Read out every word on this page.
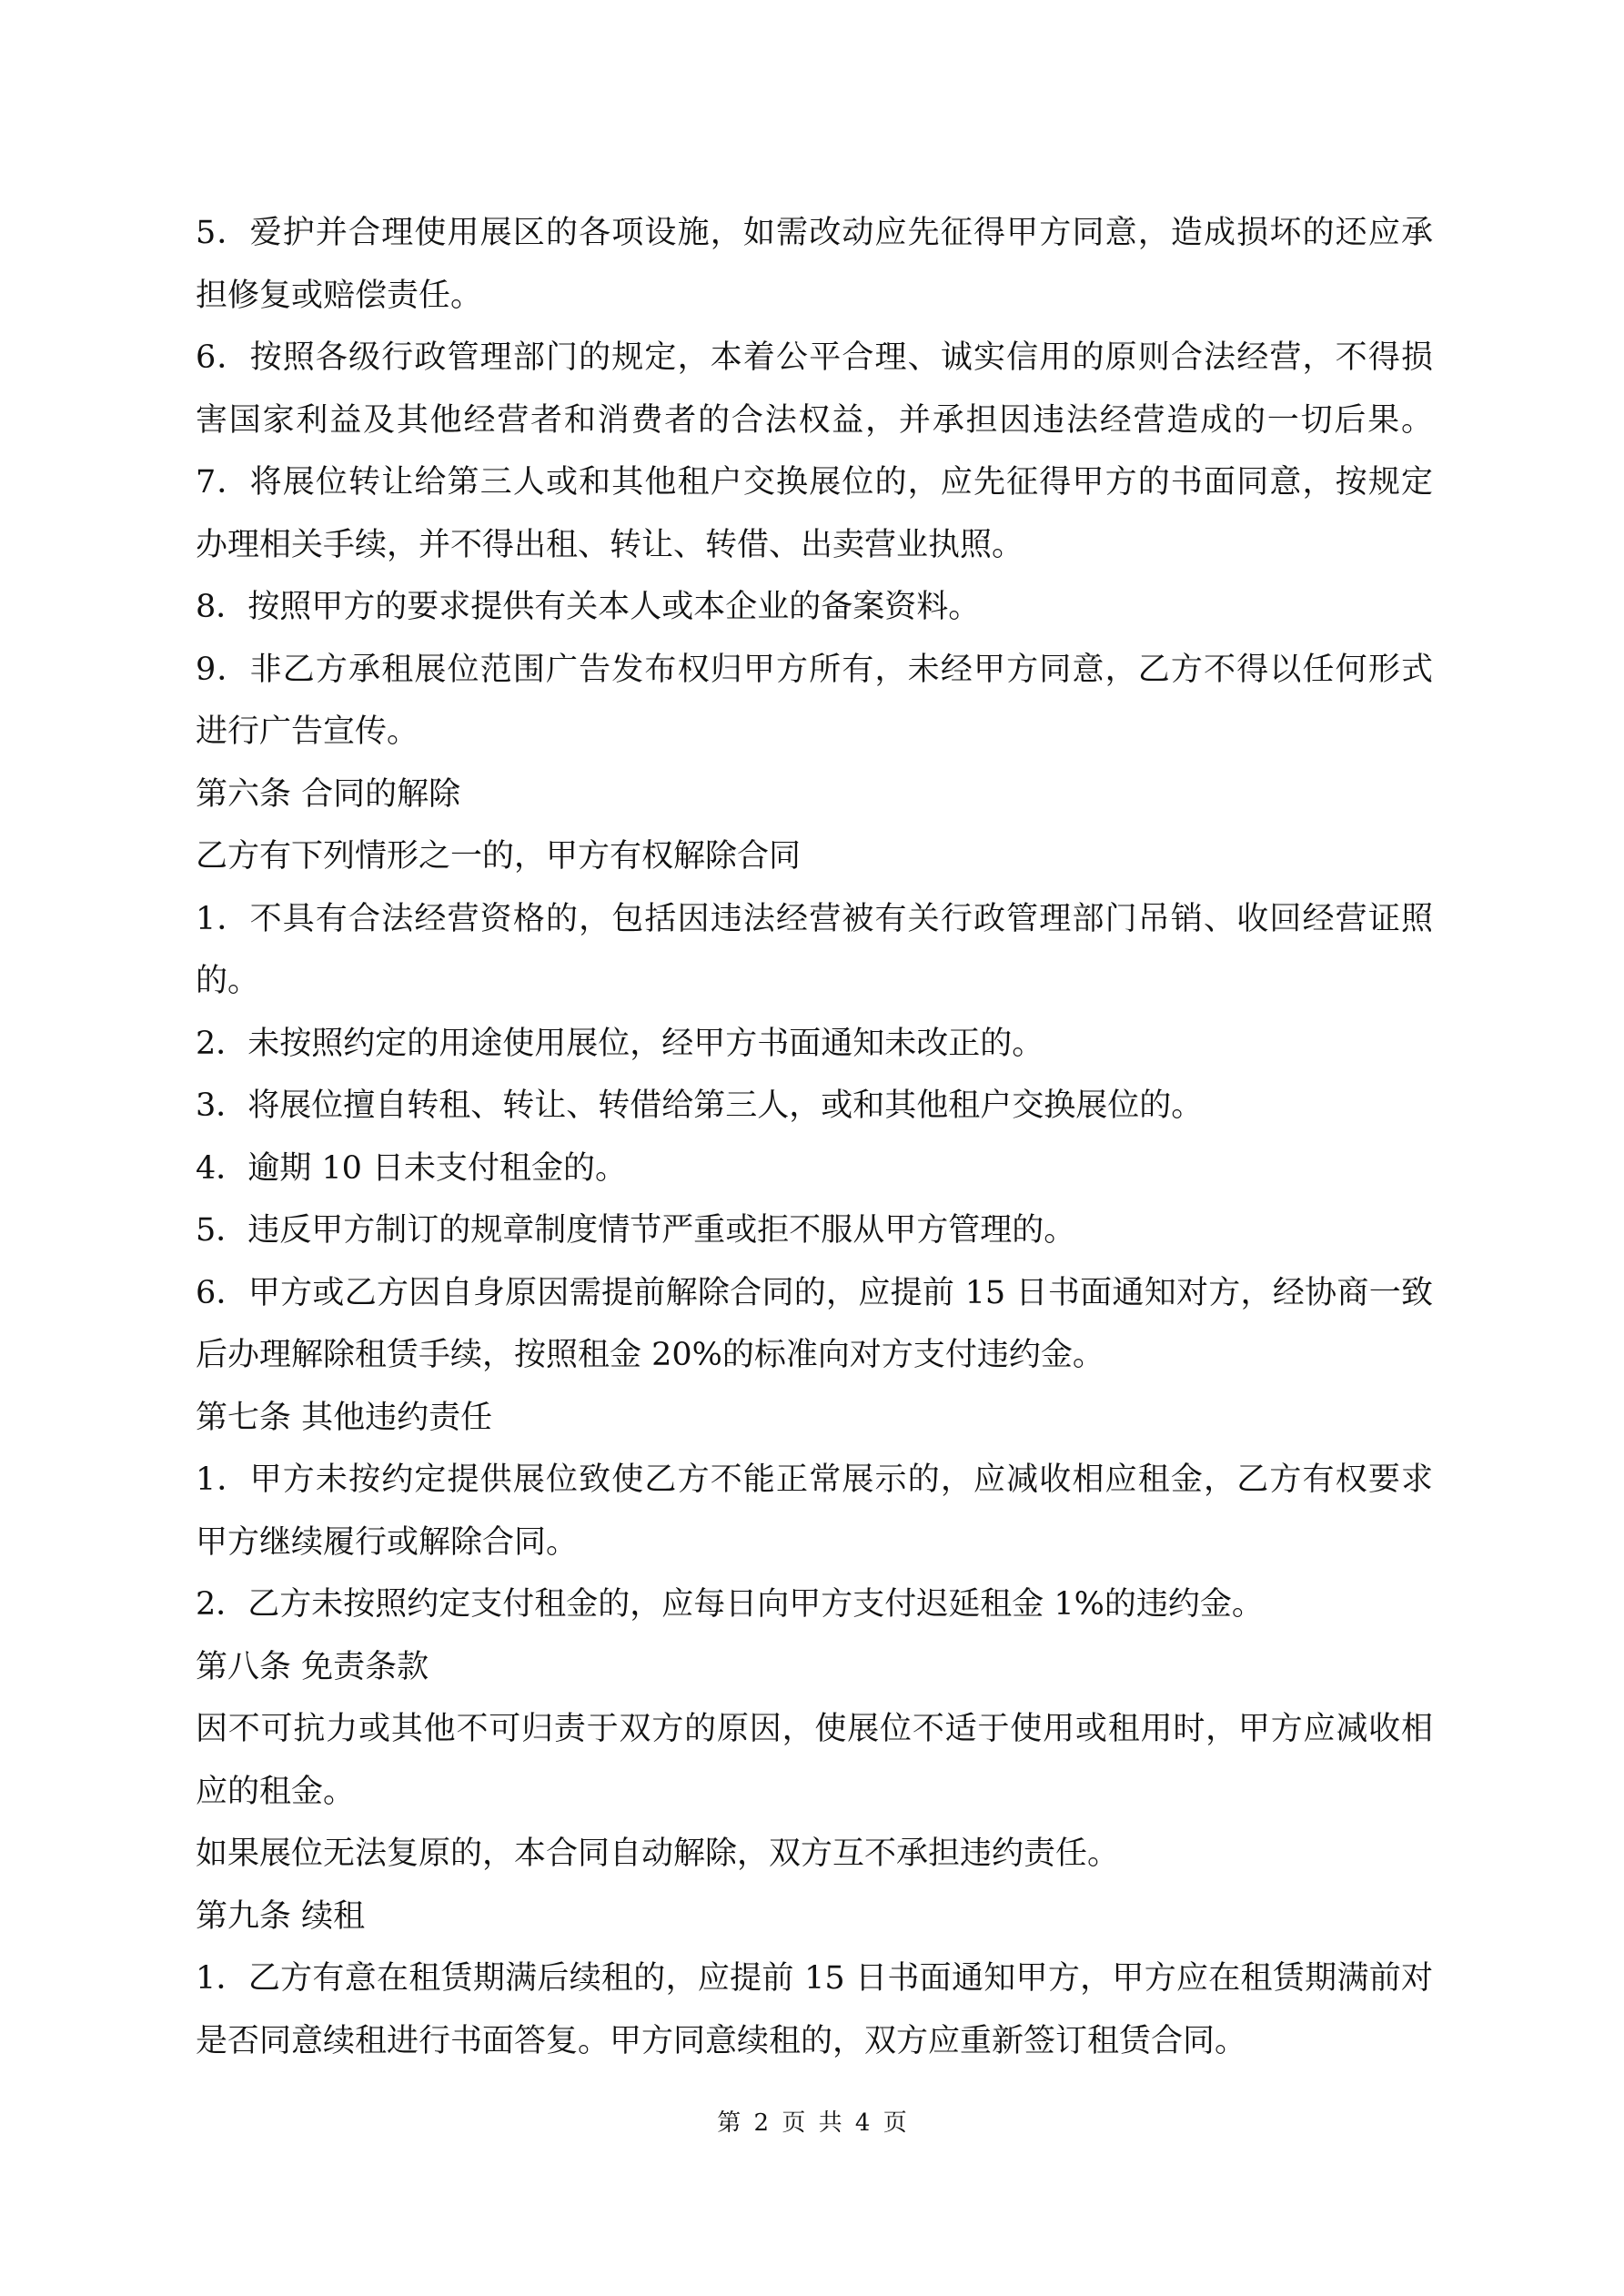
5．爱护并合理使用展区的各项设施，如需改动应先征得甲方同意，造成损坏的还应承
担修复或赔偿责任。
6．按照各级行政管理部门的规定，本着公平合理、诚实信用的原则合法经营，不得损
害国家利益及其他经营者和消费者的合法权益，并承担因违法经营造成的一切后果。
7．将展位转让给第三人或和其他租户交换展位的，应先征得甲方的书面同意，按规定
办理相关手续，并不得出租、转让、转借、出卖营业执照。
8．按照甲方的要求提供有关本人或本企业的备案资料。
9．非乙方承租展位范围广告发布权归甲方所有，未经甲方同意，乙方不得以任何形式
进行广告宣传。
第六条 合同的解除
乙方有下列情形之一的，甲方有权解除合同
1．不具有合法经营资格的，包括因违法经营被有关行政管理部门吊销、收回经营证照
的。
2．未按照约定的用途使用展位，经甲方书面通知未改正的。
3．将展位擅自转租、转让、转借给第三人，或和其他租户交换展位的。
4．逾期 10 日未支付租金的。
5．违反甲方制订的规章制度情节严重或拒不服从甲方管理的。
6．甲方或乙方因自身原因需提前解除合同的，应提前 15 日书面通知对方，经协商一致
后办理解除租赁手续，按照租金 20%的标准向对方支付违约金。
第七条 其他违约责任
1．甲方未按约定提供展位致使乙方不能正常展示的，应减收相应租金，乙方有权要求
甲方继续履行或解除合同。
2．乙方未按照约定支付租金的，应每日向甲方支付迟延租金 1%的违约金。
第八条 免责条款
因不可抗力或其他不可归责于双方的原因，使展位不适于使用或租用时，甲方应减收相
应的租金。
如果展位无法复原的，本合同自动解除，双方互不承担违约责任。
第九条 续租
1．乙方有意在租赁期满后续租的，应提前 15 日书面通知甲方，甲方应在租赁期满前对
是否同意续租进行书面答复。甲方同意续租的，双方应重新签订租赁合同。
第 2 页 共 4 页
